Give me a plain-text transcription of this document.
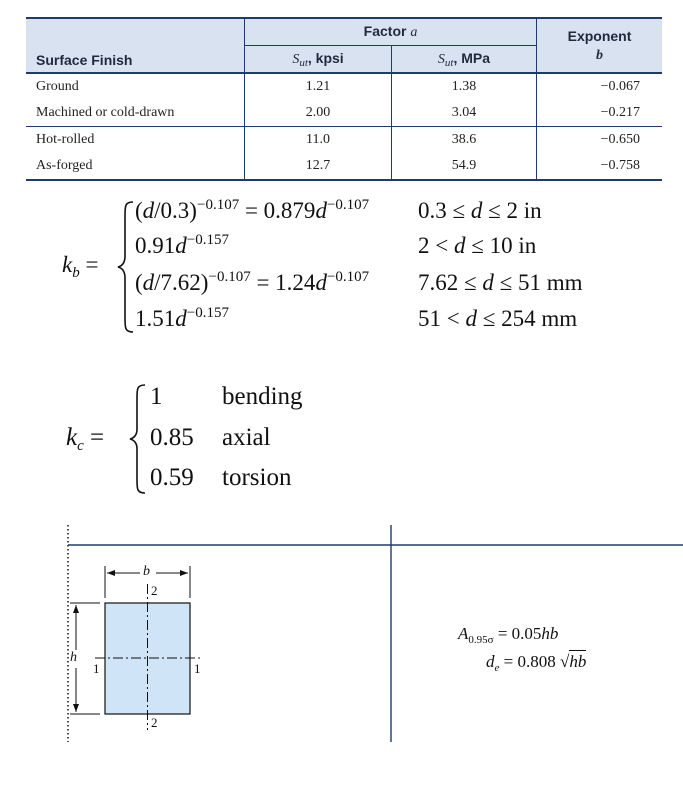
Surface Finish	Factor a		Exponent
b
	$S_{ut}$, kpsi	$S_{ut}$, MPa	
Ground	1.21	1.38	−0.067
Machined or cold-drawn	2.00	3.04	−0.217
Hot-rolled	11.0	38.6	−0.650
As-forged	12.7	54.9	−0.758
$k_b$ =
$(d/0.3)^{-0.107} = 0.879d^{-0.107}$ 0.3 ≤ d ≤ 2 in
$0.91d^{-0.157}$	2 < d ≤ 10 in
$(d/7.62)^{-0.107} = 1.24d^{-0.107}$ 7.62 ≤ d ≤ 51 mm
$1.51d^{-0.157}$	51 < d ≤ 254 mm
$k_c$ =
1 bending
0.85 axial
0.59 torsion
b
h
2
2
1	1
$A_{0.95\sigma} = 0.05hb$
$d_e = 0.808$ √hb
